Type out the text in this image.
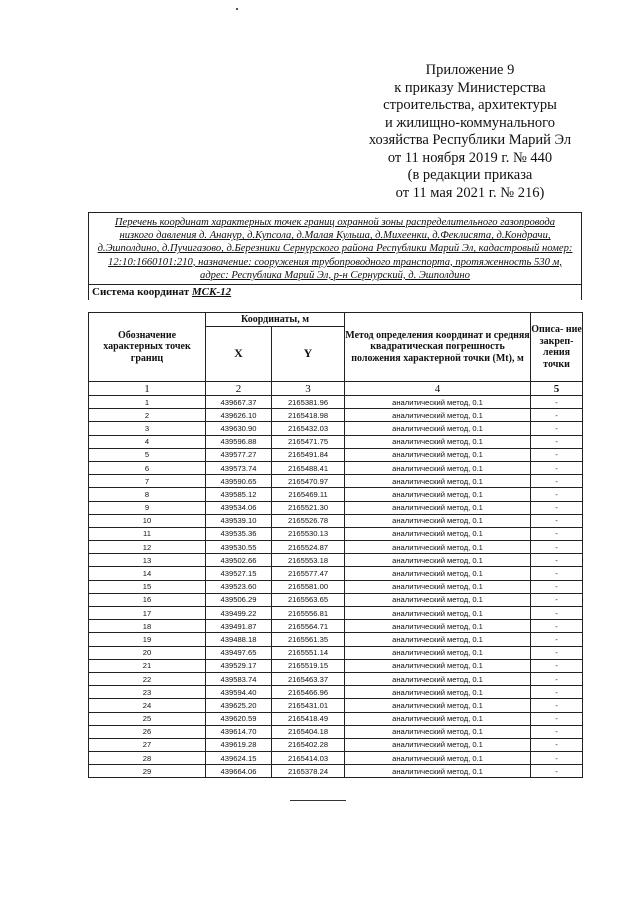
Приложение 9
к приказу Министерства
строительства, архитектуры
и жилищно-коммунального
хозяйства Республики Марий Эл
от 11 ноября 2019 г. № 440
(в редакции приказа
от 11 мая 2021 г. № 216)
Перечень координат характерных точек границ охранной зоны распределительного газопровода низкого давления д. Ананур, д.Купсола, д.Малая Кульша, д.Михеенки, д.Феклисята, д.Кондрачи, д.Эшполдино, д.Пучигазово, д.Березники Сернурского района Республики Марий Эл, кадастровый номер: 12:10:1660101:210, назначение: сооружения трубопроводного транспорта, протяженность 530 м, адрес: Республика Марий Эл, р-н Сернурский, д. Эшполдино
Система координат МСК-12
Обозначение характерных точек границ	Координаты, м		Метод определения координат и средняя квадратическая погрешность положения характерной точки (Mt), м	Описа- ние закреп- ления точки
	X	Y		
1	2	3	4	5
1	439667.37	2165381.96	аналитический метод, 0.1	-
2	439626.10	2165418.98	аналитический метод, 0.1	-
3	439630.90	2165432.03	аналитический метод, 0.1	-
4	439596.88	2165471.75	аналитический метод, 0.1	-
5	439577.27	2165491.84	аналитический метод, 0.1	-
6	439573.74	2165488.41	аналитический метод, 0.1	-
7	439590.65	2165470.97	аналитический метод, 0.1	-
8	439585.12	2165469.11	аналитический метод, 0.1	-
9	439534.06	2165521.30	аналитический метод, 0.1	-
10	439539.10	2165526.78	аналитический метод, 0.1	-
11	439535.36	2165530.13	аналитический метод, 0.1	-
12	439530.55	2165524.87	аналитический метод, 0.1	-
13	439502.66	2165553.18	аналитический метод, 0.1	-
14	439527.15	2165577.47	аналитический метод, 0.1	-
15	439523.60	2165581.00	аналитический метод, 0.1	-
16	439506.29	2165563.65	аналитический метод, 0.1	-
17	439499.22	2165556.81	аналитический метод, 0.1	-
18	439491.87	2165564.71	аналитический метод, 0.1	-
19	439488.18	2165561.35	аналитический метод, 0.1	-
20	439497.65	2165551.14	аналитический метод, 0.1	-
21	439529.17	2165519.15	аналитический метод, 0.1	-
22	439583.74	2165463.37	аналитический метод, 0.1	-
23	439594.40	2165466.96	аналитический метод, 0.1	-
24	439625.20	2165431.01	аналитический метод, 0.1	-
25	439620.59	2165418.49	аналитический метод, 0.1	-
26	439614.70	2165404.18	аналитический метод, 0.1	-
27	439619.28	2165402.28	аналитический метод, 0.1	-
28	439624.15	2165414.03	аналитический метод, 0.1	-
29	439664.06	2165378.24	аналитический метод, 0.1	-
